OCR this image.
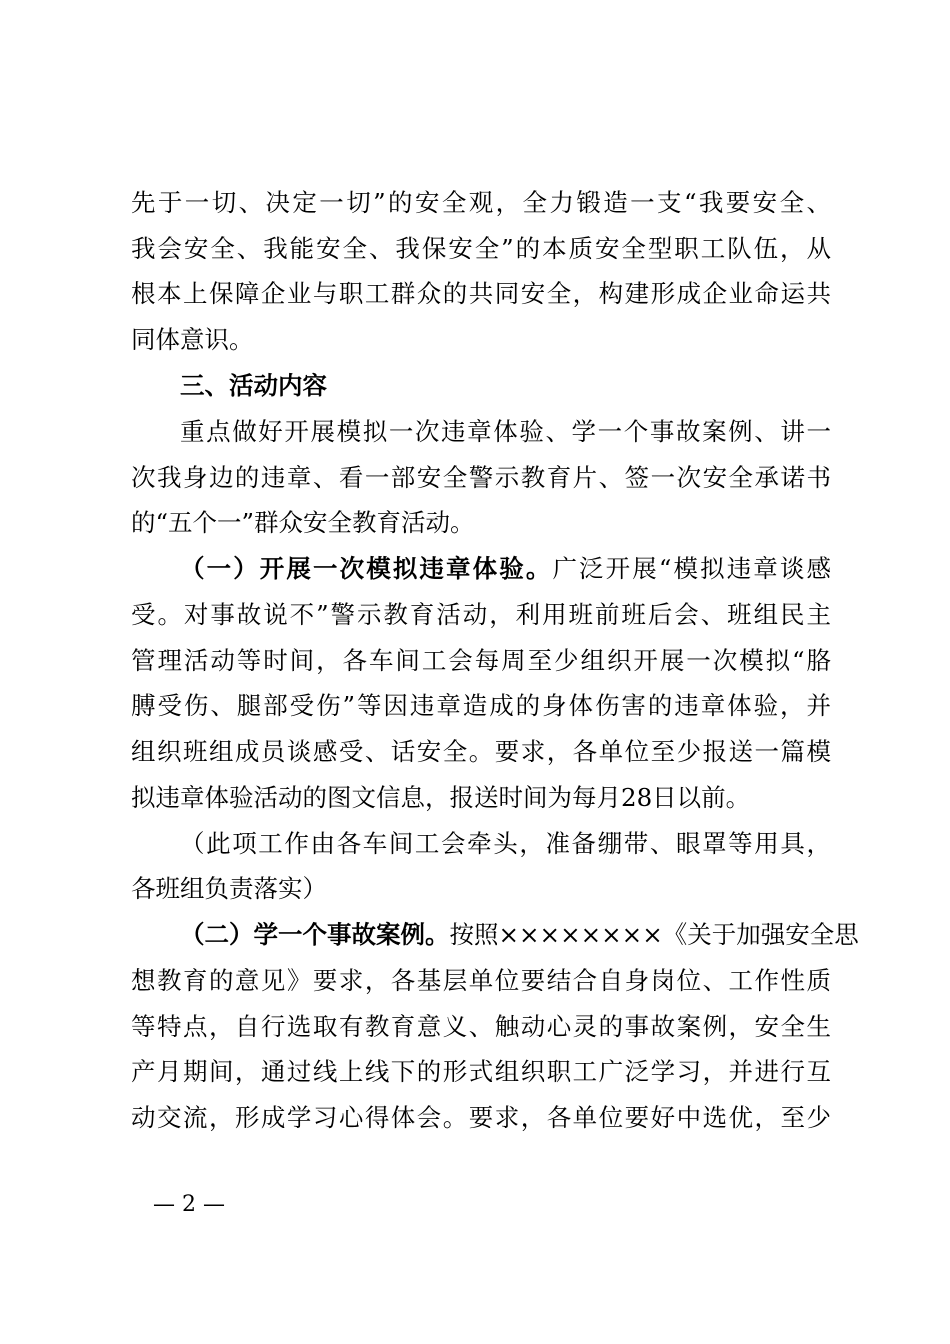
先于一切、决定一切”的安全观，全力锻造一支“我要安全、
我会安全、我能安全、我保安全”的本质安全型职工队伍，从
根本上保障企业与职工群众的共同安全，构建形成企业命运共
同体意识。
三、活动内容
重点做好开展模拟一次违章体验、学一个事故案例、讲一
次我身边的违章、看一部安全警示教育片、签一次安全承诺书
的“五个一”群众安全教育活动。
（一）开展一次模拟违章体验。广泛开展“模拟违章谈感
受。对事故说不”警示教育活动，利用班前班后会、班组民主
管理活动等时间，各车间工会每周至少组织开展一次模拟“胳
膊受伤、腿部受伤”等因违章造成的身体伤害的违章体验，并
组织班组成员谈感受、话安全。要求，各单位至少报送一篇模
拟违章体验活动的图文信息，报送时间为每月28日以前。
（此项工作由各车间工会牵头，准备绷带、眼罩等用具，
各班组负责落实）
（二）学一个事故案例。按照××××××××《关于加强安全思
想教育的意见》要求，各基层单位要结合自身岗位、工作性质
等特点，自行选取有教育意义、触动心灵的事故案例，安全生
产月期间，通过线上线下的形式组织职工广泛学习，并进行互
动交流，形成学习心得体会。要求，各单位要好中选优，至少
— 2 —
